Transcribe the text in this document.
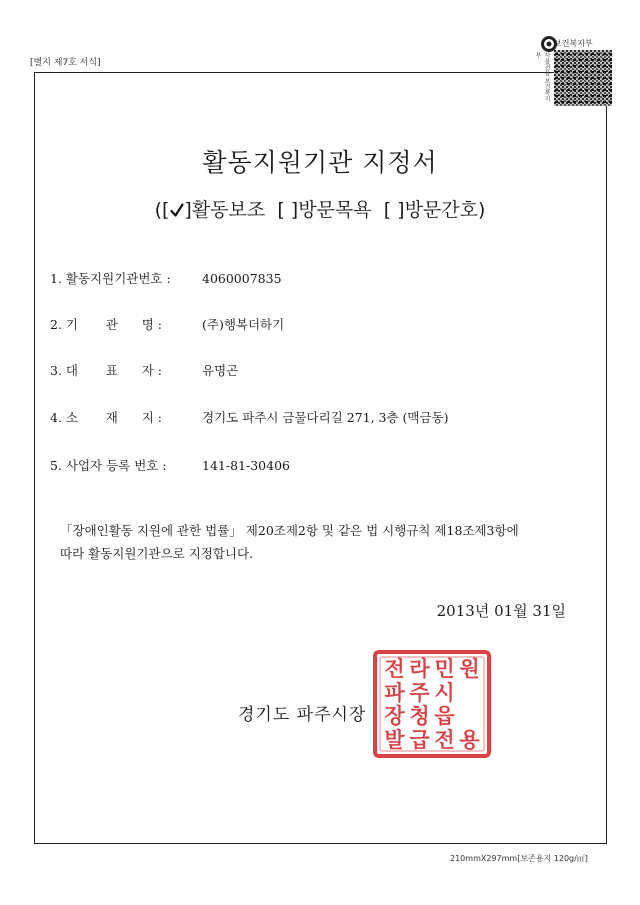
[별지 제7호 서식]
보건복지부
사용전용 보건복지부
활동지원기관 지정서
([ ]활동보조  [ ]방문목욕  [ ]방문간호)
1. 활동지원기관번호 :	4060007835
2. 기       관      명 :	(주)행복더하기
3. 대       표      자 :	유명곤
4. 소       재      지 :	경기도 파주시 금물다리길 271, 3층 (맥금동)
5. 사업자 등록 번호 :	141-81-30406
「장애인활동 지원에 관한 법률」 제20조제2항 및 같은 법 시행규칙 제18조제3항에
따라 활동지원기관으로 지정합니다.
2013년 01월 31일
경기도 파주시장
전 라 민 원
파 주 시
장 청 읍
발 급 전 용
210mmX297mm[보존용지 120g/㎡]
